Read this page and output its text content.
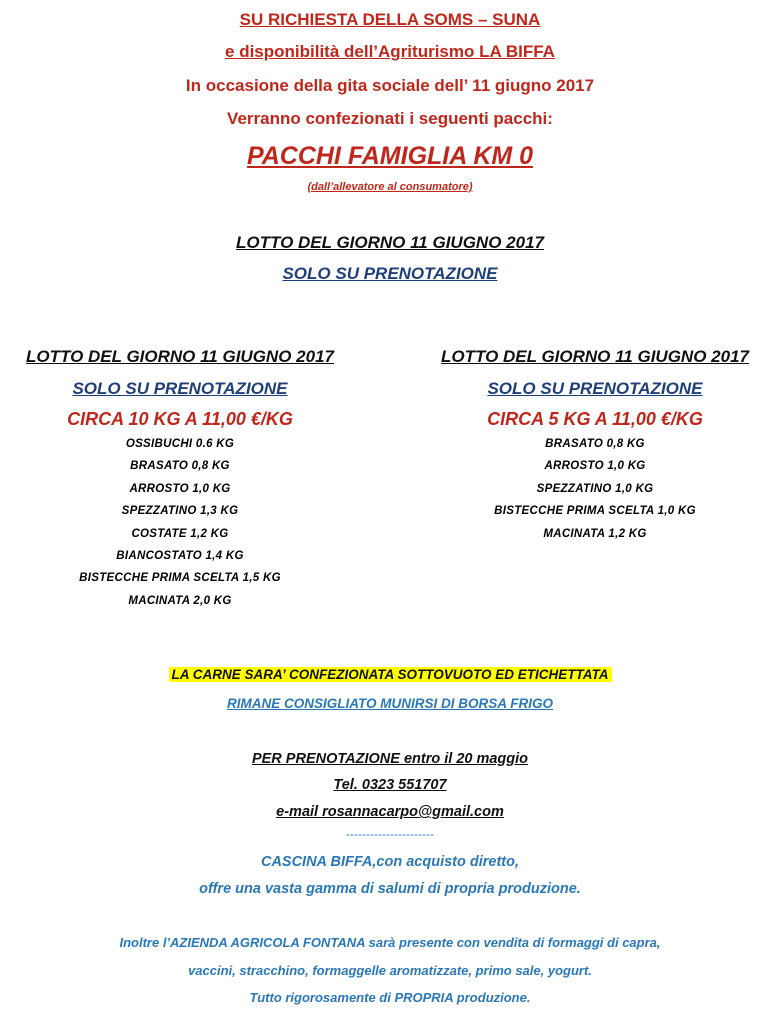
SU RICHIESTA DELLA SOMS – SUNA
e disponibilità dell’Agriturismo LA BIFFA
In occasione della gita sociale dell’ 11 giugno 2017
Verranno confezionati i seguenti pacchi:
PACCHI FAMIGLIA KM 0
(dall’allevatore al consumatore)
LOTTO DEL GIORNO 11 GIUGNO 2017
SOLO SU PRENOTAZIONE
LOTTO DEL GIORNO 11 GIUGNO 2017
SOLO SU PRENOTAZIONE
CIRCA 10 KG A 11,00 €/KG
OSSIBUCHI 0.6 KG
BRASATO 0,8 KG
ARROSTO 1,0 KG
SPEZZATINO 1,3 KG
COSTATE 1,2 KG
BIANCOSTATO 1,4 KG
BISTECCHE PRIMA SCELTA 1,5 KG
MACINATA 2,0 KG
LOTTO DEL GIORNO 11 GIUGNO 2017
SOLO SU PRENOTAZIONE
CIRCA 5 KG A 11,00 €/KG
BRASATO 0,8 KG
ARROSTO 1,0 KG
SPEZZATINO 1,0 KG
BISTECCHE PRIMA SCELTA 1,0 KG
MACINATA 1,2 KG
LA CARNE SARA’ CONFEZIONATA SOTTOVUOTO ED ETICHETTATA
RIMANE CONSIGLIATO MUNIRSI DI BORSA FRIGO
PER PRENOTAZIONE entro il 20 maggio
Tel. 0323 551707
e-mail rosannacarpo@gmail.com
----------------------
CASCINA BIFFA,con acquisto diretto,
offre una vasta gamma di salumi di propria produzione.
Inoltre l’AZIENDA AGRICOLA FONTANA sarà presente con vendita di formaggi di capra,
vaccini, stracchino, formaggelle aromatizzate, primo sale, yogurt.
Tutto rigorosamente di PROPRIA produzione.
